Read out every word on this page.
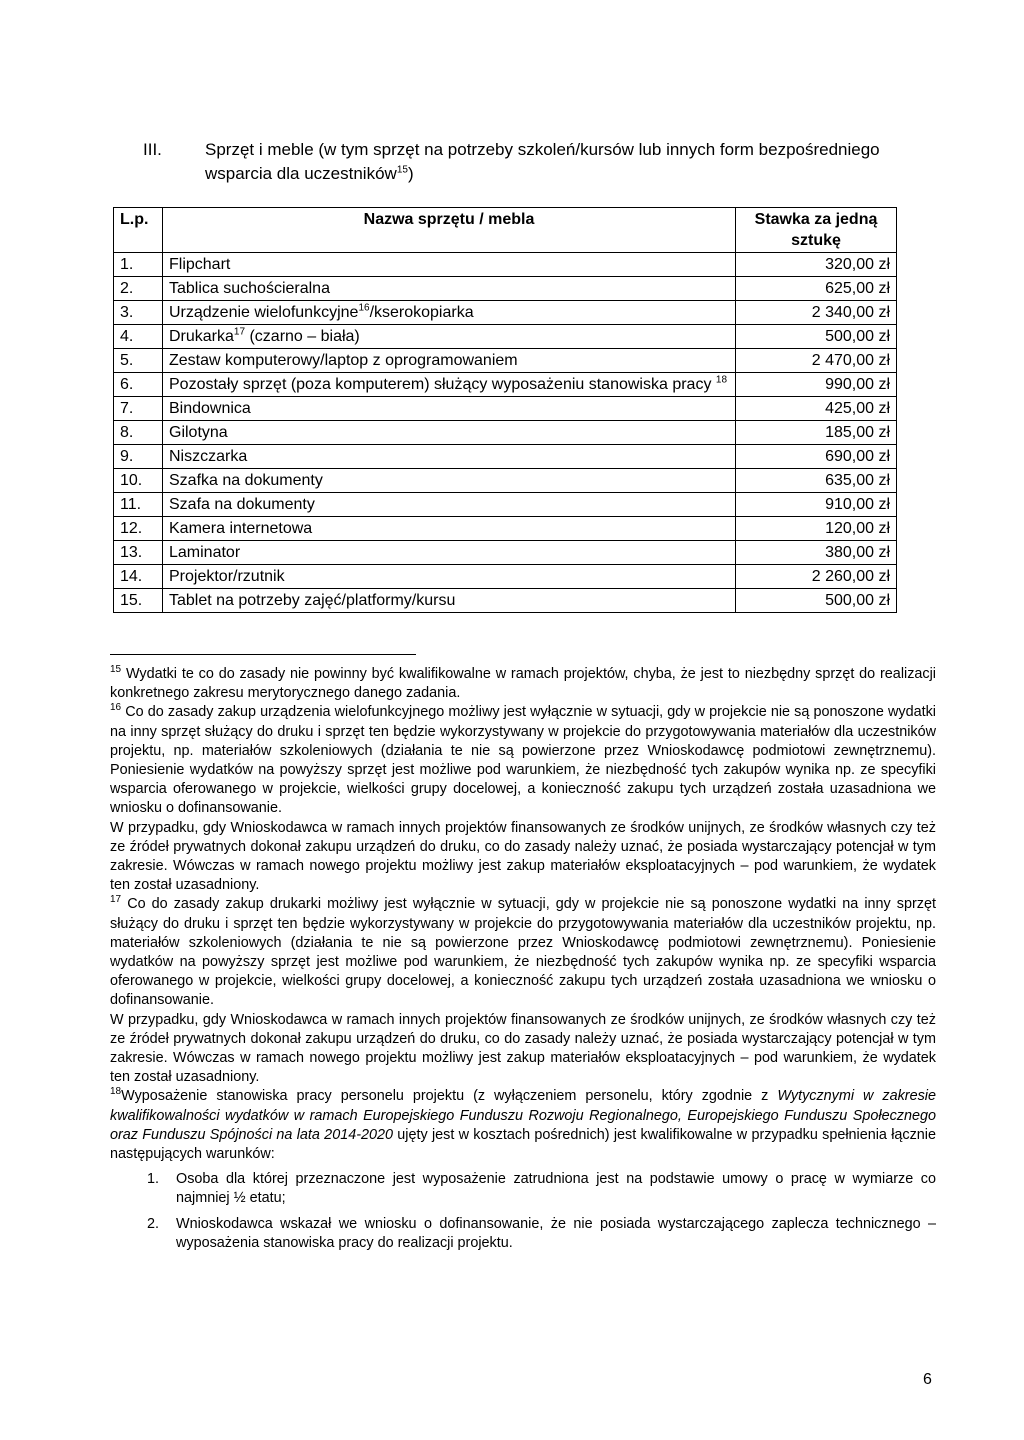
III.	Sprzęt i meble (w tym sprzęt na potrzeby szkoleń/kursów lub innych form bezpośredniego wsparcia dla uczestników$^{15}$)
L.p.	Nazwa sprzętu / mebla	Stawka za jedną sztukę
1.	Flipchart	320,00 zł
2.	Tablica suchościeralna	625,00 zł
3.	Urządzenie wielofunkcyjne$^{16}$/kserokopiarka	2 340,00 zł
4.	Drukarka$^{17}$ (czarno – biała)	500,00 zł
5.	Zestaw komputerowy/laptop z oprogramowaniem	2 470,00 zł
6.	Pozostały sprzęt (poza komputerem) służący wyposażeniu stanowiska pracy $^{18}$	990,00 zł
7.	Bindownica	425,00 zł
8.	Gilotyna	185,00 zł
9.	Niszczarka	690,00 zł
10.	Szafka na dokumenty	635,00 zł
11.	Szafa na dokumenty	910,00 zł
12.	Kamera internetowa	120,00 zł
13.	Laminator	380,00 zł
14.	Projektor/rzutnik	2 260,00 zł
15.	Tablet na potrzeby zajęć/platformy/kursu	500,00 zł

$^{15}$ Wydatki te co do zasady nie powinny być kwalifikowalne w ramach projektów, chyba, że jest to niezbędny sprzęt do realizacji konkretnego zakresu merytorycznego danego zadania.

$^{16}$ Co do zasady zakup urządzenia wielofunkcyjnego możliwy jest wyłącznie w sytuacji, gdy w projekcie nie są ponoszone wydatki na inny sprzęt służący do druku i sprzęt ten będzie wykorzystywany w projekcie do przygotowywania materiałów dla uczestników projektu, np. materiałów szkoleniowych (działania te nie są powierzone przez Wnioskodawcę podmiotowi zewnętrznemu). Poniesienie wydatków na powyższy sprzęt jest możliwe pod warunkiem, że niezbędność tych zakupów wynika np. ze specyfiki wsparcia oferowanego w projekcie, wielkości grupy docelowej, a konieczność zakupu tych urządzeń została uzasadniona we wniosku o dofinansowanie.

W przypadku, gdy Wnioskodawca w ramach innych projektów finansowanych ze środków unijnych, ze środków własnych czy też ze źródeł prywatnych dokonał zakupu urządzeń do druku, co do zasady należy uznać, że posiada wystarczający potencjał w tym zakresie. Wówczas w ramach nowego projektu możliwy jest zakup materiałów eksploatacyjnych – pod warunkiem, że wydatek ten został uzasadniony.

$^{17}$ Co do zasady zakup drukarki możliwy jest wyłącznie w sytuacji, gdy w projekcie nie są ponoszone wydatki na inny sprzęt służący do druku i sprzęt ten będzie wykorzystywany w projekcie do przygotowywania materiałów dla uczestników projektu, np. materiałów szkoleniowych (działania te nie są powierzone przez Wnioskodawcę podmiotowi zewnętrznemu). Poniesienie wydatków na powyższy sprzęt jest możliwe pod warunkiem, że niezbędność tych zakupów wynika np. ze specyfiki wsparcia oferowanego w projekcie, wielkości grupy docelowej, a konieczność zakupu tych urządzeń została uzasadniona we wniosku o dofinansowanie.

W przypadku, gdy Wnioskodawca w ramach innych projektów finansowanych ze środków unijnych, ze środków własnych czy też ze źródeł prywatnych dokonał zakupu urządzeń do druku, co do zasady należy uznać, że posiada wystarczający potencjał w tym zakresie. Wówczas w ramach nowego projektu możliwy jest zakup materiałów eksploatacyjnych – pod warunkiem, że wydatek ten został uzasadniony.

$^{18}$Wyposażenie stanowiska pracy personelu projektu (z wyłączeniem personelu, który zgodnie z Wytycznymi w zakresie kwalifikowalności wydatków w ramach Europejskiego Funduszu Rozwoju Regionalnego, Europejskiego Funduszu Społecznego oraz Funduszu Spójności na lata 2014-2020 ujęty jest w kosztach pośrednich) jest kwalifikowalne w przypadku spełnienia łącznie następujących warunków:

1. Osoba dla której przeznaczone jest wyposażenie zatrudniona jest na podstawie umowy o pracę w wymiarze co najmniej ½ etatu;
2. Wnioskodawca wskazał we wniosku o dofinansowanie, że nie posiada wystarczającego zaplecza technicznego – wyposażenia stanowiska pracy do realizacji projektu.
6
